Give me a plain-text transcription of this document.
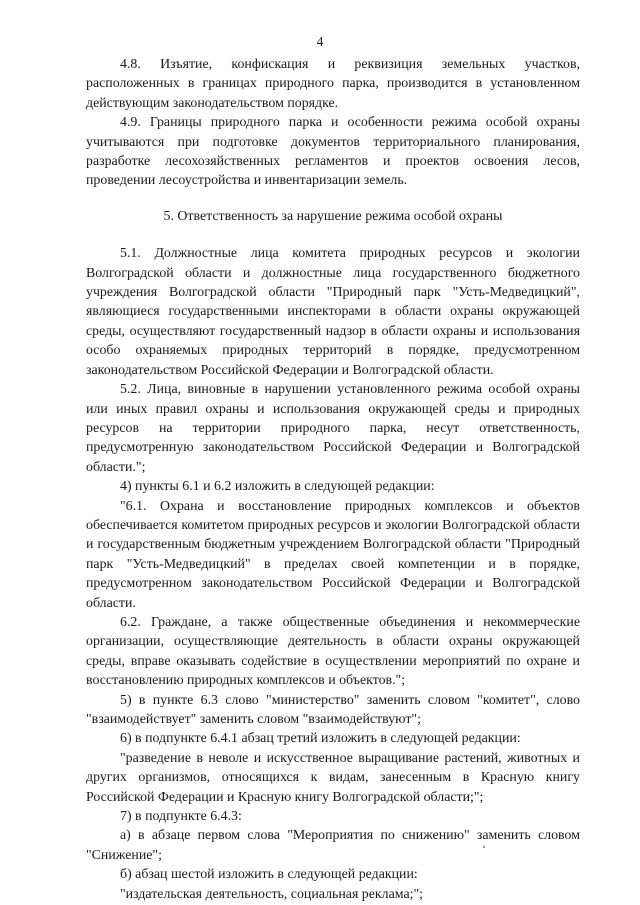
4

4.8. Изъятие, конфискация и реквизиция земельных участков, расположенных в границах природного парка, производится в установленном действующим законодательством порядке.

4.9. Границы природного парка и особенности режима особой охраны учитываются при подготовке документов территориального планирования, разработке лесохозяйственных регламентов и проектов освоения лесов, проведении лесоустройства и инвентаризации земель.

5. Ответственность за нарушение режима особой охраны

5.1. Должностные лица комитета природных ресурсов и экологии Волгоградской области и должностные лица государственного бюджетного учреждения Волгоградской области "Природный парк "Усть-Медведицкий", являющиеся государственными инспекторами в области охраны окружающей среды, осуществляют государственный надзор в области охраны и использования особо охраняемых природных территорий в порядке, предусмотренном законодательством Российской Федерации и Волгоградской области.

5.2. Лица, виновные в нарушении установленного режима особой охраны или иных правил охраны и использования окружающей среды и природных ресурсов на территории природного парка, несут ответственность, предусмотренную законодательством Российской Федерации и Волгоградской области.";

4) пункты 6.1 и 6.2 изложить в следующей редакции:

"6.1. Охрана и восстановление природных комплексов и объектов обеспечивается комитетом природных ресурсов и экологии Волгоградской области и государственным бюджетным учреждением Волгоградской области "Природный парк "Усть-Медведицкий" в пределах своей компетенции и в порядке, предусмотренном законодательством Российской Федерации и Волгоградской области.

6.2. Граждане, а также общественные объединения и некоммерческие организации, осуществляющие деятельность в области охраны окружающей среды, вправе оказывать содействие в осуществлении мероприятий по охране и восстановлению природных комплексов и объектов.";

5) в пункте 6.3 слово "министерство" заменить словом "комитет", слово "взаимодействует" заменить словом "взаимодействуют";

6) в подпункте 6.4.1 абзац третий изложить в следующей редакции:

"разведение в неволе и искусственное выращивание растений, животных и других организмов, относящихся к видам, занесенным в Красную книгу Российской Федерации и Красную книгу Волгоградской области;";

7) в подпункте 6.4.3:

а) в абзаце первом слова "Мероприятия по снижению" заменить словом "Снижение";

б) абзац шестой изложить в следующей редакции:

"издательская деятельность, социальная реклама;";
